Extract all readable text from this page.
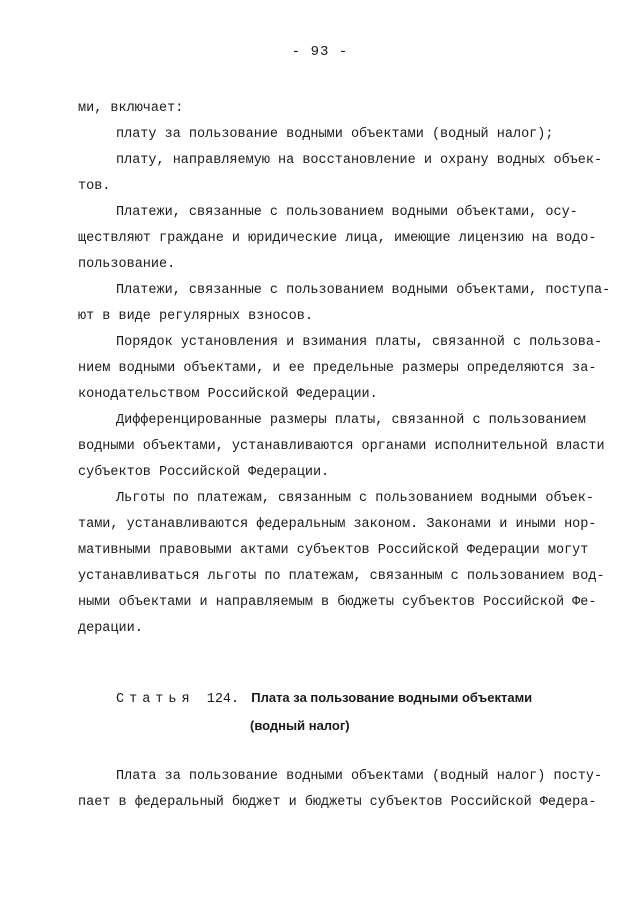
- 93 -
ми, включает:
плату за пользование водными объектами (водный налог);
плату, направляемую на восстановление и охрану водных объек-
тов.
Платежи, связанные с пользованием водными объектами, осу-
ществляют граждане и юридические лица, имеющие лицензию на водо-
пользование.
Платежи, связанные с пользованием водными объектами, поступа-
ют в виде регулярных взносов.
Порядок установления и взимания платы, связанной с пользова-
нием водными объектами, и ее предельные размеры определяются за-
конодательством Российской Федерации.
Дифференцированные размеры платы, связанной с пользованием
водными объектами, устанавливаются органами исполнительной власти
субъектов Российской Федерации.
Льготы по платежам, связанным с пользованием водными объек-
тами, устанавливаются федеральным законом. Законами и иными нор-
мативными правовыми актами субъектов Российской Федерации могут
устанавливаться льготы по платежам, связанным с пользованием вод-
ными объектами и направляемым в бюджеты субъектов Российской Фе-
дерации.
Статья 124. Плата за пользование водными объектами
(водный налог)
Плата за пользование водными объектами (водный налог) посту-
пает в федеральный бюджет и бюджеты субъектов Российской Федера-
